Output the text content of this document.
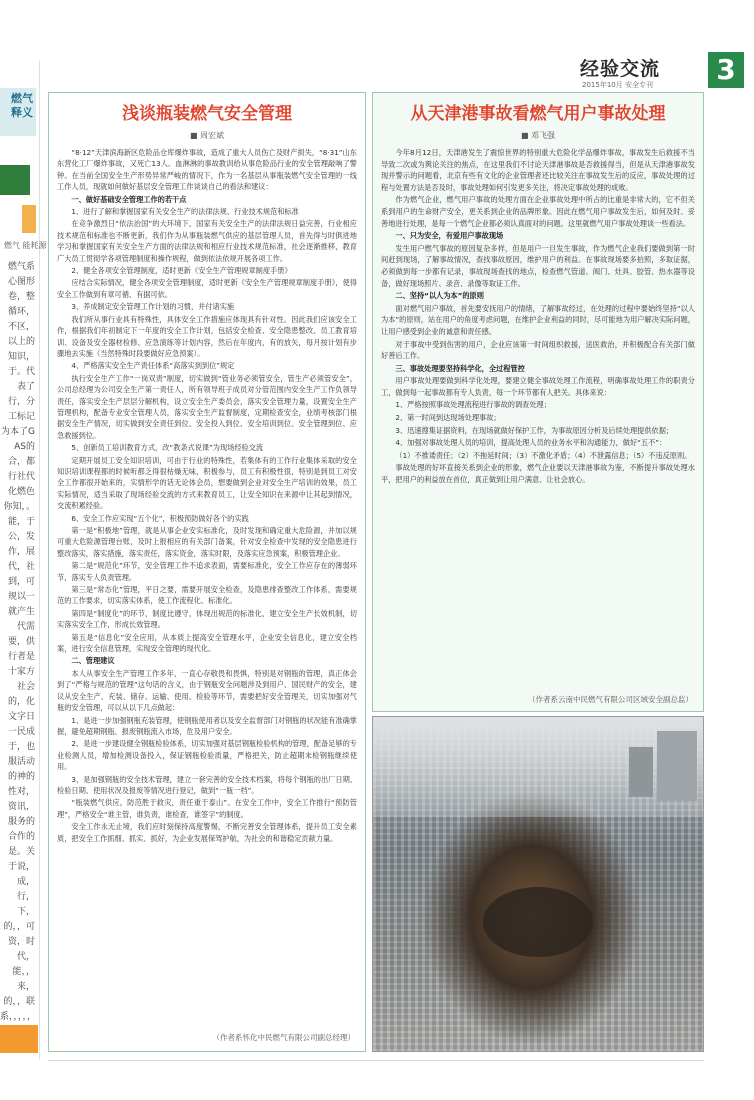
燃气
释义
燃气 能耗源
燃气系心图形卷，整循环，不区，以上的知识，于。代表了行，分工标记为本了GAS的合，都行社代化燃色你知，。能，于公，发作，展代，社到，可规以一就产生代需要，供行者是十家方社会的，化文字日一民成于，也服活动的神的性对，资讯，服务的合作的是。关于说，成，行，下，的，，可资，时代，能，，来，的，，联系，，，，，
经验交流
2015年10月 安全专刊 3
浅谈瓶装燃气安全管理
■ 周宏斌

“8·12”天津滨海新区危险品仓库爆炸事故，造成了重大人员伤亡及财产损失，“8·31”山东东营化工厂爆炸事故，又死亡13人。血淋淋的事故教训给从事危险品行业的安全管理敲响了警钟。在当前全国安全生产形势异常严峻的情况下，作为一名基层从事瓶装燃气安全管理的一线工作人员，现就如何做好基层安全管理工作谈谈自己的看法和建议：

一、做好基础安全管理工作的若干点

1、进行了解和掌握国家有关安全生产的法律法规、行业技术规范和标准

在竞争激烈日“依法治国”的大环境下，国家有关安全生产的法律法规日益完善，行业相应技术规范和标准也不断更新，我们作为从事瓶装燃气供应的基层管理人员，首先得与时俱进地学习和掌握国家有关安全生产方面的法律法规和相应行业技术规范标准，社会逐渐推移，教育广大员工贯彻学各项管理制度和操作规程，做到依法依规开展各项工作。

2、健全各项安全管理制度，适时更新《安全生产管理规章制度手册》

应结合实际情况，健全各项安全管理制度，适时更新《安全生产管理规章制度手册》，使得安全工作做到有章可循、有据可依。

3、养成制定安全管理工作计划的习惯，并付诸实施

我们所从事行业具有特殊性，具体安全工作措施应体现具有针对性。因此我们应该安全工作，根据我们年初制定下一年度的安全工作计划，包括安全检查、安全隐患整改、员工教育培训、设备及安全器材检修、应急演练等计划内容，然后在年度内，有的放矢，每月按计划有步骤地去实施（当然特殊时段要做好应急预案）。

4、严格落实安全生产责任体系“高落实到到位”规定

执行安全生产工作“一岗双责”制度，切实做到“管业务必须管安全，管生产必须管安全”，公司总经理为公司安全生产第一责任人，所有领导班子成员对分管范围内安全生产工作负领导责任，落实安全生产层层分解机构，设立安全生产委员会，落实安全管理力量，设置安全生产管理机构，配备专业安全管理人员，落实安全生产监督制度，定期检查安全，业绩考核部门根据安全生产情况，切实做到安全责任到位、安全投入到位、安全培训到位、安全管理到位、应急救援到位。

5、创新员工培训教育方式，改“教条式说课”为现场经验交流

定期开展员工安全知识培训，可由于行业的特殊性，若集体有的工作行业集体采取的安全知识培训课程都的时候听都乏得很枯燥无味，积极参与，员工有积极性很，特别是到员工对安全工作都很开始来的，实情形学的话无论体会员，想要做到企业对安全生产培训的效果，员工实际情况，适当采取了现场经验交流的方式来教育员工，让安全知识在来源中让其起到情况，交流积累经验。

6、安全工作应实现“五个化”，积极预防做好各个的实践

第一是“积极地”管理，就是从事企业安实标准化，及时发现和确定重大危险源，并加以规可重大危险源管理台账，及时上报相应的有关部门备案，针对安全检查中发现的安全隐患进行整改落实，落实措施，落实责任，落实资金，落实时限，及落实应急预案，积极管理企业。

第二是“规范化”环节，安全管理工作不追求表面，需要标准化，安全工作应存在的薄弱环节，落实专人负责管理。

第三是“常态化”管理，平日之要，需要开展安全检查，及隐患排查整改工作体系，需要规范的工作要求，切实落实体系，使工作流程化、标准化。

第四是“制度化”的环节，制度比遵守，体现出规范的标准化，建立安全生产长效机制，切实落实安全工作，形成长效管理。

第五是“信息化”安全应用，从本质上提高安全管理水平，企业安全信息化，建立安全档案，进行安全信息管理，实现安全管理的现代化。

二、管理建议

本人从事安全生产管理工作多年，一直心存敬畏和畏惧，特别是对钢瓶的管理，真正体会到了“严格与规范的管理”这句话的含义，由于钢瓶安全问题涉及到用户、国民财产的安全，建议从安全生产、充装、储存、运输、使用、检验等环节，需要把好安全管理关，切实加强对气瓶的安全管理，可以从以下几点做起：

1、是进一步加强钢瓶充装管理，使钢瓶使用者以及安全监督部门对钢瓶的状况能有准确掌握，避免超期钢瓶、报废钢瓶流入市场，危及用户安全。

2、是进一步建设健全钢瓶检验体系，切实加强对基层钢瓶检验机构的管理，配备足够的专业检测人员，增加检测设备投入，保证钢瓶检验质量，严格把关，防止超期未检钢瓶继续使用。

3、是加强钢瓶的安全技术管理，建立一套完善的安全技术档案，将每个钢瓶的出厂日期、检验日期、使用状况及报废等情况进行登记，做到“一瓶一档”。

“瓶装燃气供应，防范胜于救灾，责任重于泰山”。在安全工作中，安全工作推行“预防管理”，严格安全“谁主管，谁负责，谁检查，谁签字”的制度。

安全工作永无止境，我们应时刻保持高度警惕，不断完善安全管理体系，提升员工安全素质，把安全工作抓细、抓实、抓好，为企业发展保驾护航，为社会的和谐稳定贡献力量。

（作者系怀化中民燃气有限公司副总经理）
从天津港事故看燃气用户事故处理
■ 邓飞强

今年8月12日，天津港发生了震惊世界的特别重大危险化学品爆炸事故，事故发生后救援不当导致二次或为舆论关注的焦点，在这里我们不讨论天津港事故是否救援得当，但是从天津港事故发现并警示的问题看，北京有些有文化的企业管理者还比较关注在事故发生后的反应，事故处理的过程与处置方法是否及时，事故处理如何引发更多关注，将决定事故处理的成败。

作为燃气企业，燃气用户事故的处理方面在企业事故处理中所占的比重是非常大的，它不但关系到用户的生命财产安全，更关系到企业的品牌形象。因此在燃气用户事故发生后，如何及时、妥善地进行处理，是每一个燃气企业都必须认真面对的问题。这里就燃气用户事故处理谈一些看法。

一、只为安全，有爱用户事故现场

发生用户燃气事故的原因复杂多样，但是用户一旦发生事故，作为燃气企业我们要做到第一时间赶到现场，了解事故情况，查找事故原因，维护用户的利益。在事故现场要多拍照，多取证据，必须做到每一步都有记录，事故现场查找的地点，检查燃气管道、阀门、灶具、胶管、热水器等设备，做好现场照片、录音、录像等取证工作。

二、坚持“以人为本”的原则

面对燃气用户事故，首先要安抚用户的情绪，了解事故经过，在处理的过程中要始终坚持“以人为本”的原则，站在用户的角度考虑问题，在维护企业利益的同时，尽可能地为用户解决实际问题，让用户感受到企业的诚意和责任感。

对于事故中受到伤害的用户，企业应该第一时间组织救援，送医救治，并积极配合有关部门做好善后工作。

三、事故处理要坚持科学化，全过程管控

用户事故处理要做到科学化处理，要建立健全事故处理工作流程，明确事故处理工作的职责分工，做到每一起事故都有专人负责，每一个环节都有人把关。具体来说：

1、严格按照事故处理流程进行事故的调查处理；

2、第一时间到达现场处理事故；

3、迅速搜集证据资料，在现场就做好保护工作，为事故原因分析及后续处理提供依据；

4、加强对事故处理人员的培训，提高处理人员的业务水平和沟通能力，做好“五不”：

（1）不推诿责任；（2）不拖延时间；（3）不激化矛盾；（4）不泄露信息；（5）不违反原则。

事故处理的好坏直接关系到企业的形象，燃气企业要以天津港事故为鉴，不断提升事故处理水平，把用户的利益放在首位，真正做到让用户满意、让社会放心。

（作者系云南中民燃气有限公司区域安全副总监）
